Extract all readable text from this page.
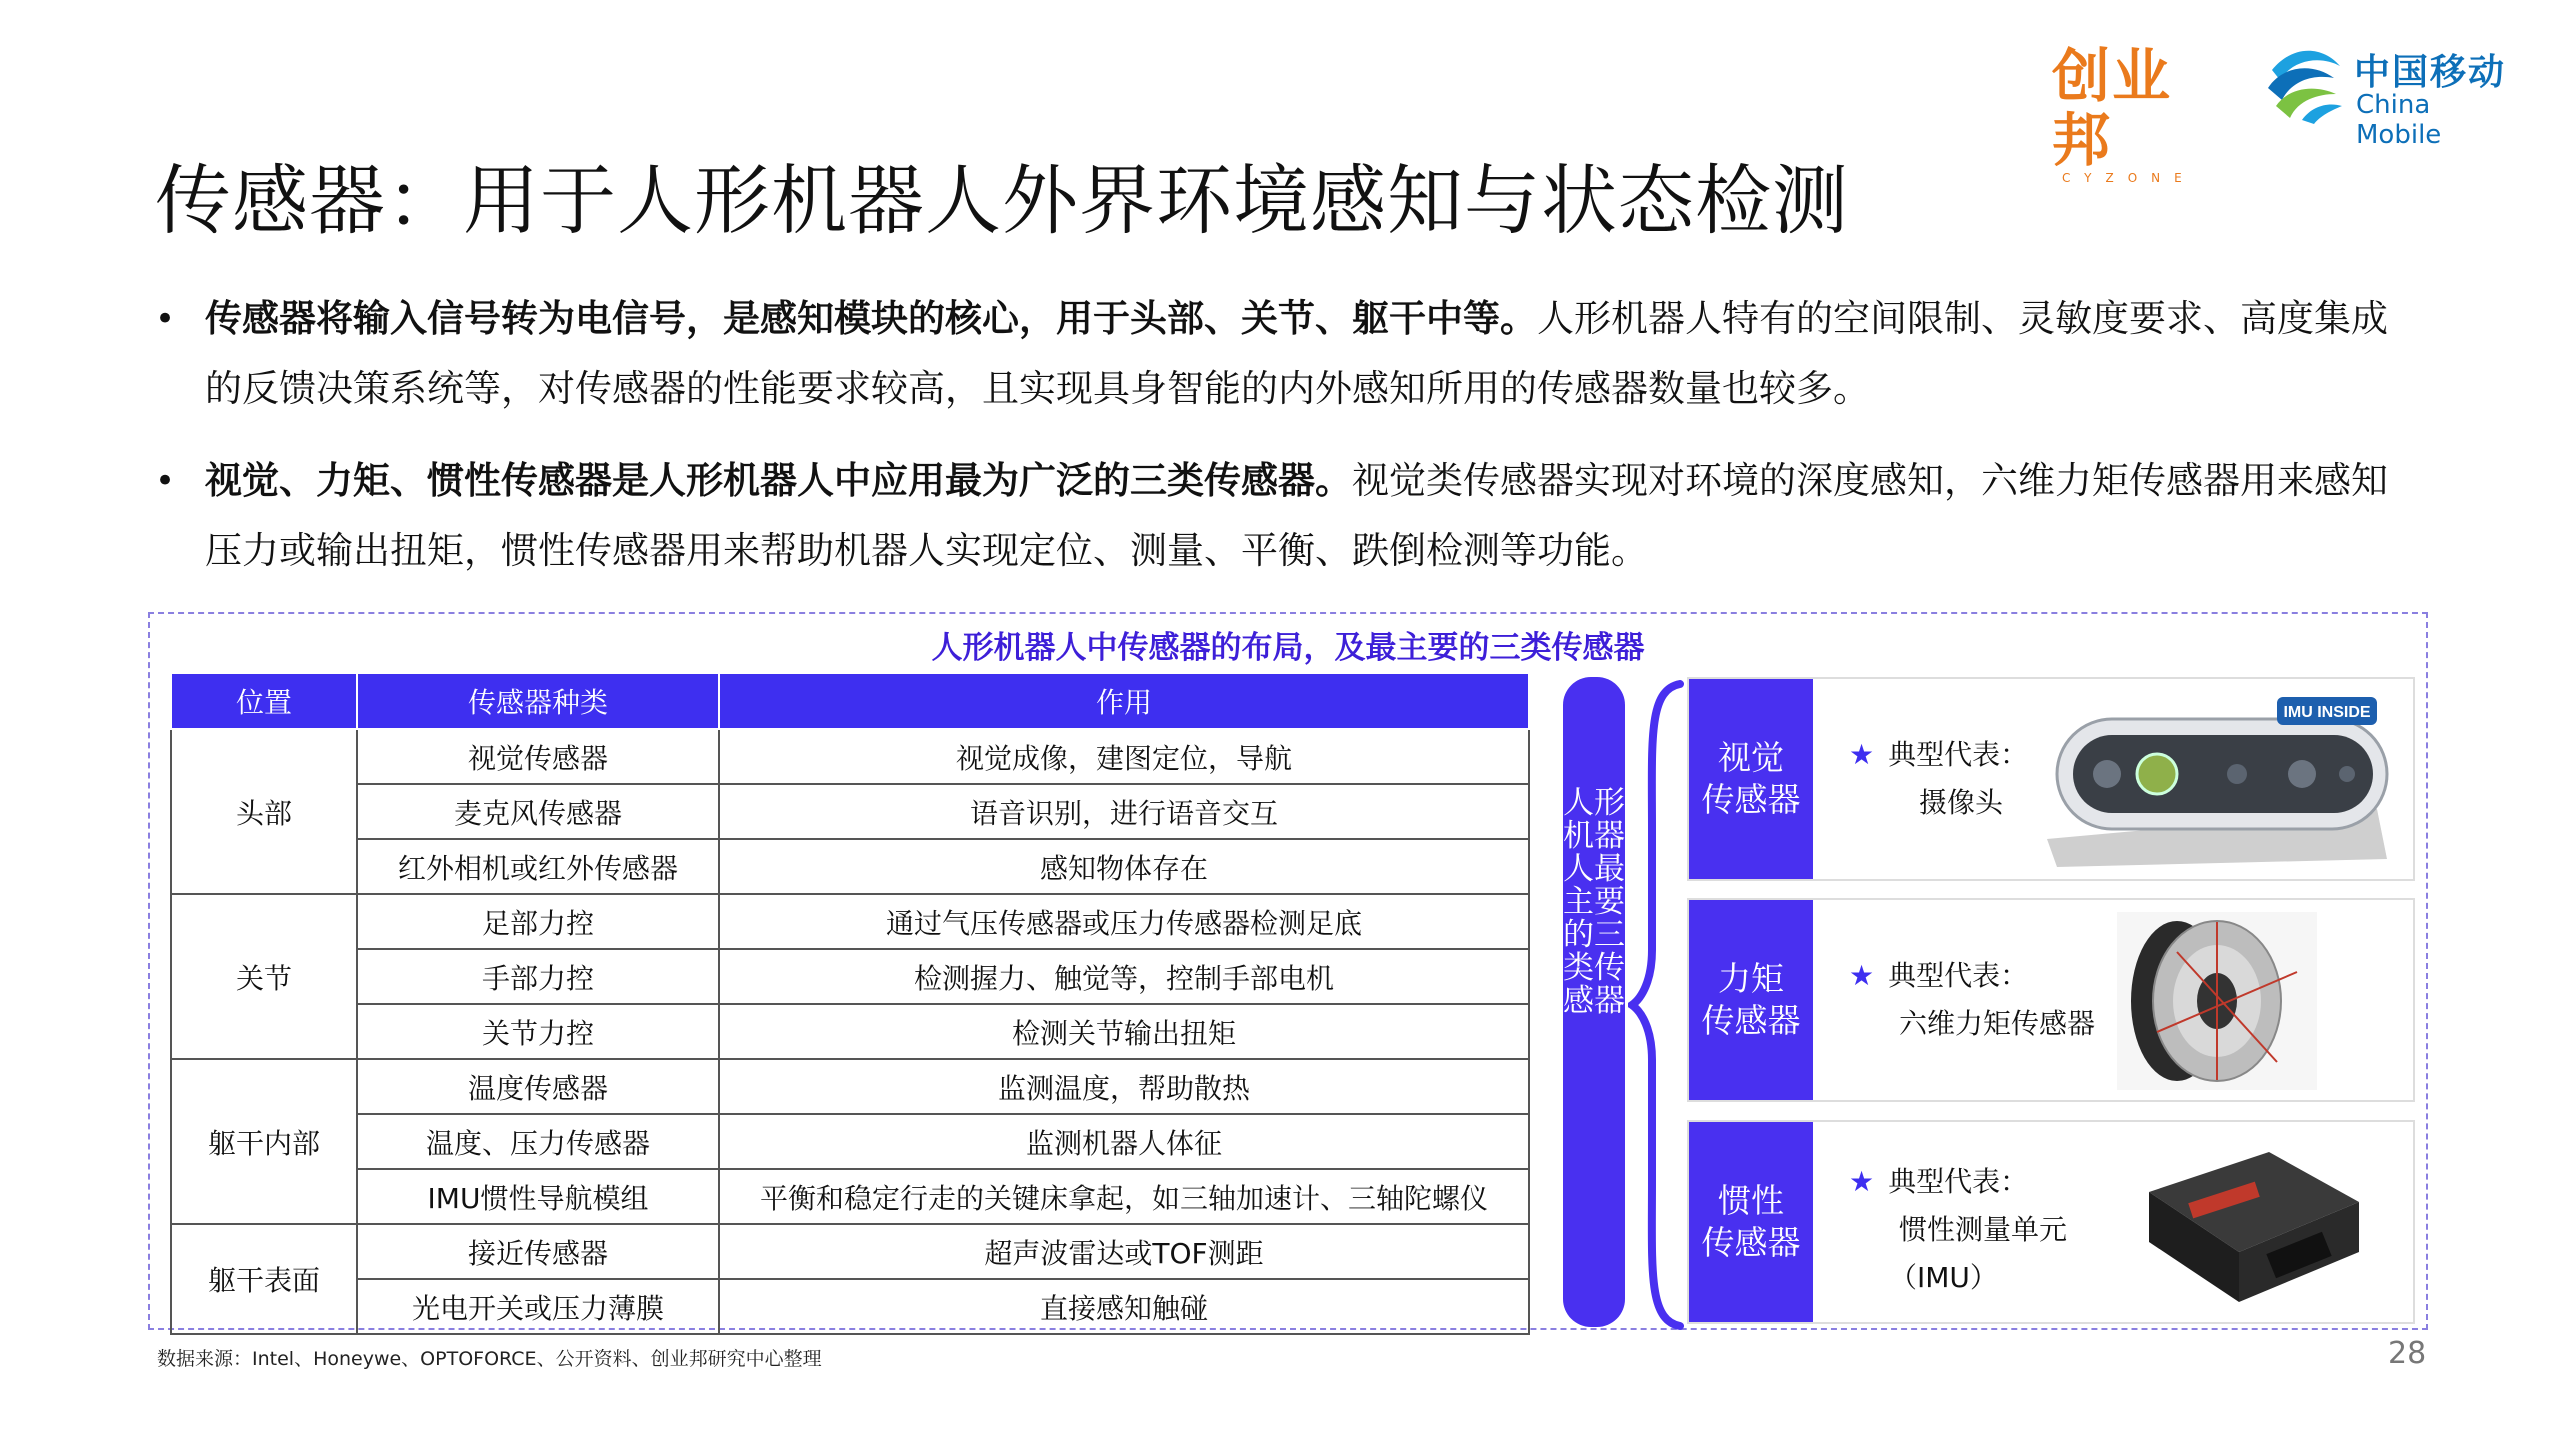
创业邦
CYZONE
中国移动
China Mobile
传感器：用于人形机器人外界环境感知与状态检测
• 传感器将输入信号转为电信号，是感知模块的核心，用于头部、关节、躯干中等。人形机器人特有的空间限制、灵敏度要求、高度集成的反馈决策系统等，对传感器的性能要求较高，且实现具身智能的内外感知所用的传感器数量也较多。
• 视觉、力矩、惯性传感器是人形机器人中应用最为广泛的三类传感器。视觉类传感器实现对环境的深度感知，六维力矩传感器用来感知压力或输出扭矩，惯性传感器用来帮助机器人实现定位、测量、平衡、跌倒检测等功能。
人形机器人中传感器的布局，及最主要的三类传感器
位置	传感器种类	作用
头部	视觉传感器	视觉成像，建图定位，导航
	麦克风传感器	语音识别，进行语音交互
	红外相机或红外传感器	感知物体存在
关节	足部力控	通过气压传感器或压力传感器检测足底
	手部力控	检测握力、触觉等，控制手部电机
	关节力控	检测关节输出扭矩
躯干内部	温度传感器	监测温度，帮助散热
	温度、压力传感器	监测机器人体征
	IMU惯性导航模组	平衡和稳定行走的关键床拿起，如三轴加速计、三轴陀螺仪
躯干表面	接近传感器	超声波雷达或TOF测距
	光电开关或压力薄膜	直接感知触碰
人形机器人最主要的三类传感器
视觉
传感器
★ 典型代表：
摄像头
IMU INSIDE
力矩
传感器
★ 典型代表：
六维力矩传感器
惯性
传感器
★ 典型代表：
惯性测量单元
（IMU）
数据来源：Intel、Honeywe、OPTOFORCE、公开资料、创业邦研究中心整理	28
